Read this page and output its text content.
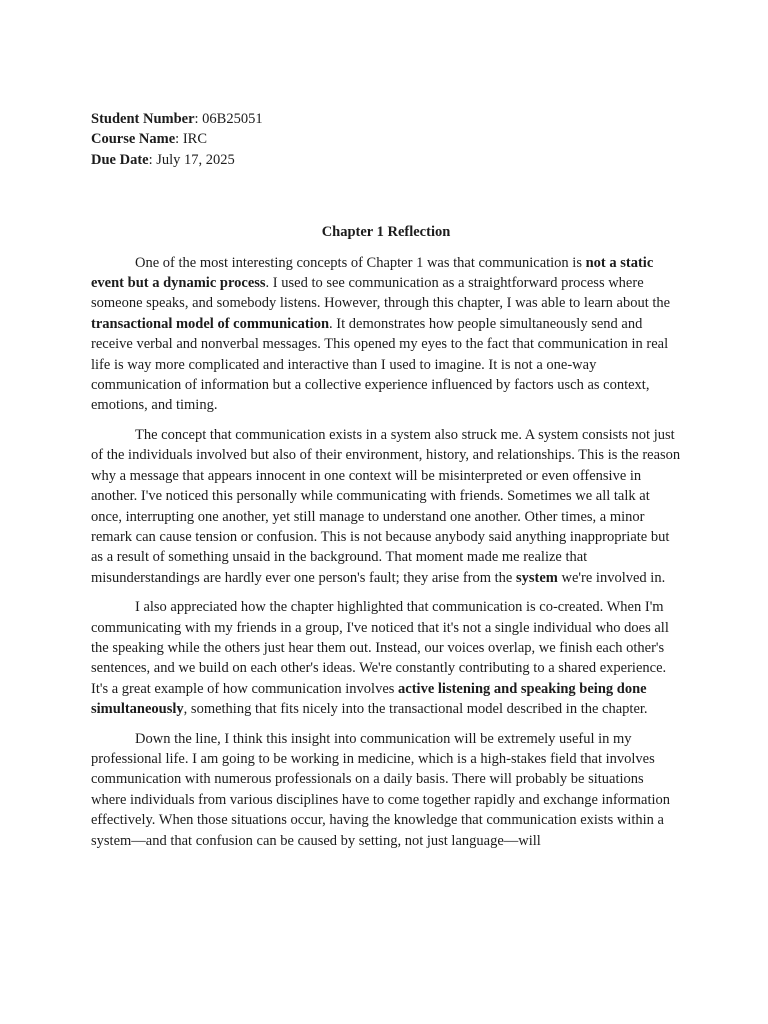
Student Number: 06B25051
Course Name: IRC
Due Date: July 17, 2025
Chapter 1 Reflection

One of the most interesting concepts of Chapter 1 was that communication is not a static event but a dynamic process. I used to see communication as a straightforward process where someone speaks, and somebody listens. However, through this chapter, I was able to learn about the transactional model of communication. It demonstrates how people simultaneously send and receive verbal and nonverbal messages. This opened my eyes to the fact that communication in real life is way more complicated and interactive than I used to imagine. It is not a one-way communication of information but a collective experience influenced by factors usch as context, emotions, and timing.

The concept that communication exists in a system also struck me. A system consists not just of the individuals involved but also of their environment, history, and relationships. This is the reason why a message that appears innocent in one context will be misinterpreted or even offensive in another. I've noticed this personally while communicating with friends. Sometimes we all talk at once, interrupting one another, yet still manage to understand one another. Other times, a minor remark can cause tension or confusion. This is not because anybody said anything inappropriate but as a result of something unsaid in the background. That moment made me realize that misunderstandings are hardly ever one person's fault; they arise from the system we're involved in.

I also appreciated how the chapter highlighted that communication is co-created. When I'm communicating with my friends in a group, I've noticed that it's not a single individual who does all the speaking while the others just hear them out. Instead, our voices overlap, we finish each other's sentences, and we build on each other's ideas. We're constantly contributing to a shared experience. It's a great example of how communication involves active listening and speaking being done simultaneously, something that fits nicely into the transactional model described in the chapter.

Down the line, I think this insight into communication will be extremely useful in my professional life. I am going to be working in medicine, which is a high-stakes field that involves communication with numerous professionals on a daily basis. There will probably be situations where individuals from various disciplines have to come together rapidly and exchange information effectively. When those situations occur, having the knowledge that communication exists within a system—and that confusion can be caused by setting, not just language—will
